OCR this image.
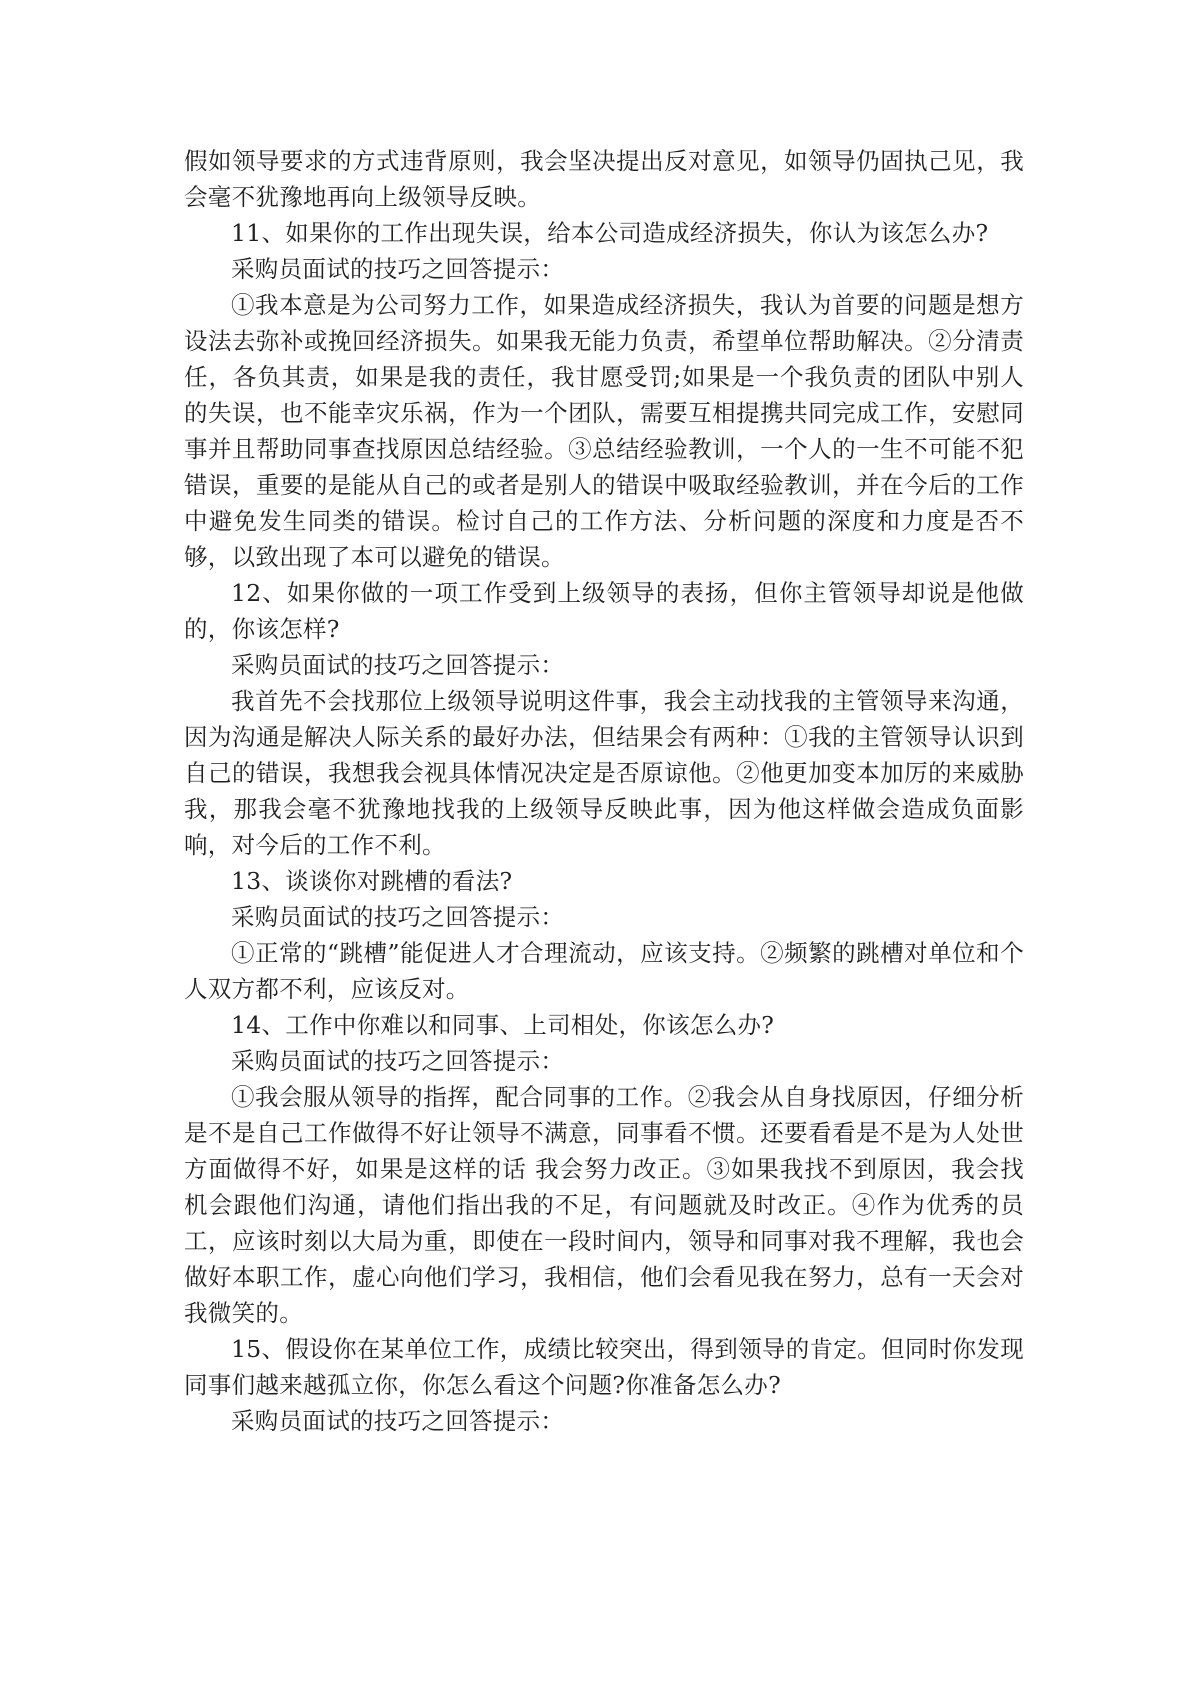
假如领导要求的方式违背原则，我会坚决提出反对意见，如领导仍固执己见，我会毫不犹豫地再向上级领导反映。

11、如果你的工作出现失误，给本公司造成经济损失，你认为该怎么办?

采购员面试的技巧之回答提示：

①我本意是为公司努力工作，如果造成经济损失，我认为首要的问题是想方设法去弥补或挽回经济损失。如果我无能力负责，希望单位帮助解决。②分清责任，各负其责，如果是我的责任，我甘愿受罚;如果是一个我负责的团队中别人的失误，也不能幸灾乐祸，作为一个团队，需要互相提携共同完成工作，安慰同事并且帮助同事查找原因总结经验。③总结经验教训，一个人的一生不可能不犯错误，重要的是能从自己的或者是别人的错误中吸取经验教训，并在今后的工作中避免发生同类的错误。检讨自己的工作方法、分析问题的深度和力度是否不够，以致出现了本可以避免的错误。

12、如果你做的一项工作受到上级领导的表扬，但你主管领导却说是他做的，你该怎样?

采购员面试的技巧之回答提示：

我首先不会找那位上级领导说明这件事，我会主动找我的主管领导来沟通，因为沟通是解决人际关系的最好办法，但结果会有两种：①我的主管领导认识到自己的错误，我想我会视具体情况决定是否原谅他。②他更加变本加厉的来威胁我，那我会毫不犹豫地找我的上级领导反映此事，因为他这样做会造成负面影响，对今后的工作不利。

13、谈谈你对跳槽的看法?

采购员面试的技巧之回答提示：

①正常的“跳槽”能促进人才合理流动，应该支持。②频繁的跳槽对单位和个人双方都不利，应该反对。

14、工作中你难以和同事、上司相处，你该怎么办?

采购员面试的技巧之回答提示：

①我会服从领导的指挥，配合同事的工作。②我会从自身找原因，仔细分析是不是自己工作做得不好让领导不满意，同事看不惯。还要看看是不是为人处世方面做得不好，如果是这样的话 我会努力改正。③如果我找不到原因，我会找机会跟他们沟通，请他们指出我的不足，有问题就及时改正。④作为优秀的员工，应该时刻以大局为重，即使在一段时间内，领导和同事对我不理解，我也会做好本职工作，虚心向他们学习，我相信，他们会看见我在努力，总有一天会对我微笑的。

15、假设你在某单位工作，成绩比较突出，得到领导的肯定。但同时你发现同事们越来越孤立你，你怎么看这个问题?你准备怎么办?

采购员面试的技巧之回答提示：
